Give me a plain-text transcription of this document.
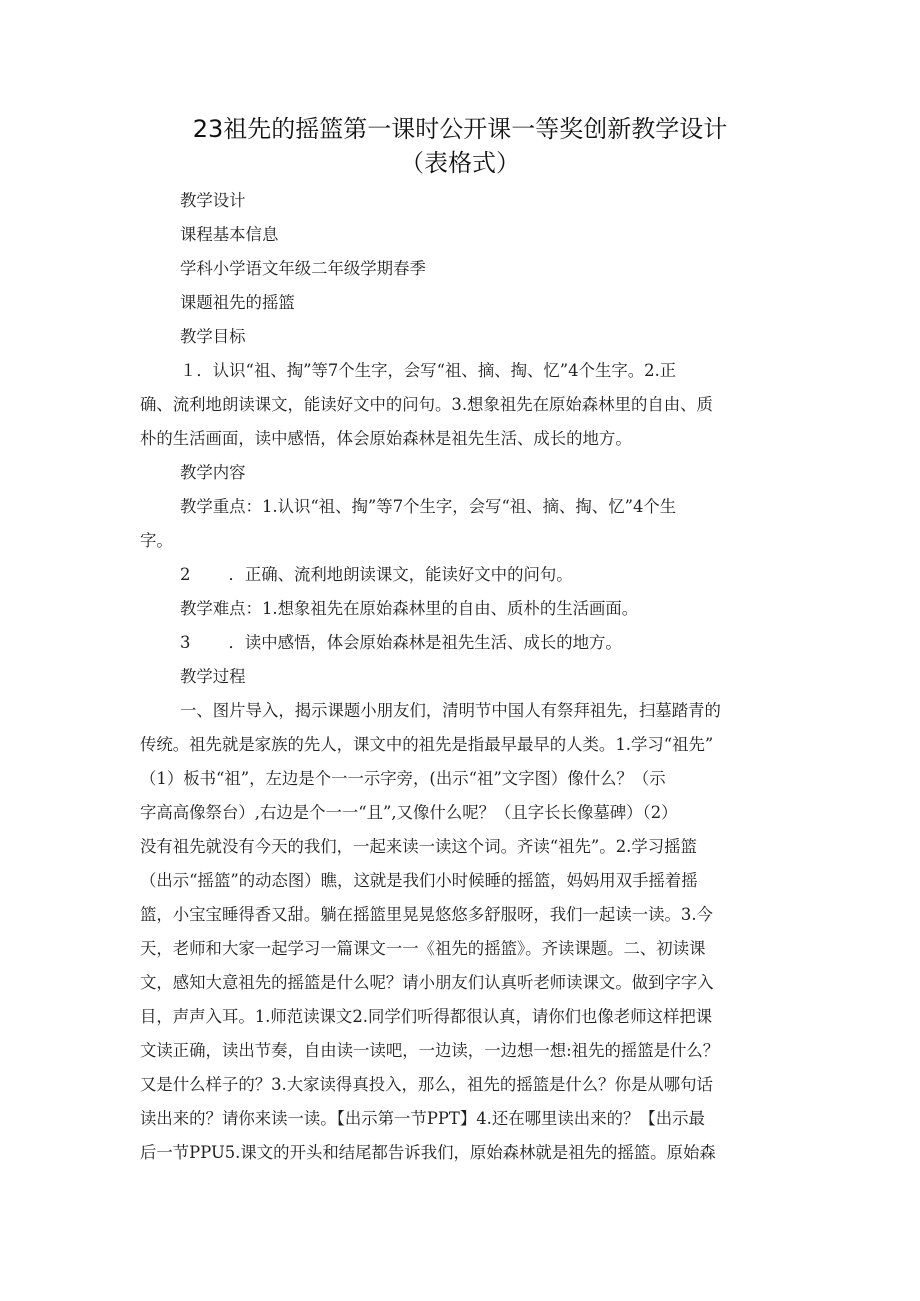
23祖先的摇篮第一课时公开课一等奖创新教学设计
（表格式）
教学设计
课程基本信息
学科小学语文年级二年级学期春季
课题祖先的摇篮
教学目标
１．认识“祖、掏”等7个生字，会写“祖、摘、掏、忆”4个生字。2.正
确、流利地朗读课文，能读好文中的问句。3.想象祖先在原始森林里的自由、质
朴的生活画面，读中感悟，体会原始森林是祖先生活、成长的地方。
教学内容
教学重点：1.认识“祖、掏”等7个生字，会写“祖、摘、掏、忆”4个生
字。
2 ．正确、流利地朗读课文，能读好文中的问句。
教学难点：1.想象祖先在原始森林里的自由、质朴的生活画面。
3 ．读中感悟，体会原始森林是祖先生活、成长的地方。
教学过程
一、图片导入，揭示课题小朋友们，清明节中国人有祭拜祖先，扫墓踏青的
传统。祖先就是家族的先人，课文中的祖先是指最早最早的人类。1.学习“祖先”
（1）板书“祖”，左边是个一一示字旁，(出示“祖”文字图）像什么？（示
字高高像祭台）,右边是个一一“且”,又像什么呢？（且字长长像墓碑）（2）
没有祖先就没有今天的我们，一起来读一读这个词。齐读“祖先”。2.学习摇篮
（出示“摇篮”的动态图）瞧，这就是我们小时候睡的摇篮，妈妈用双手摇着摇
篮，小宝宝睡得香又甜。躺在摇篮里晃晃悠悠多舒服呀，我们一起读一读。3.今
天，老师和大家一起学习一篇课文一一《祖先的摇篮》。齐读课题。二、初读课
文，感知大意祖先的摇篮是什么呢？请小朋友们认真听老师读课文。做到字字入
目，声声入耳。1.师范读课文2.同学们听得都很认真，请你们也像老师这样把课
文读正确，读出节奏，自由读一读吧，一边读，一边想一想:祖先的摇篮是什么？
又是什么样子的？3.大家读得真投入，那么，祖先的摇篮是什么？你是从哪句话
读出来的？请你来读一读。【出示第一节PPT】4.还在哪里读出来的？【出示最
后一节PPU5.课文的开头和结尾都告诉我们，原始森林就是祖先的摇篮。原始森
